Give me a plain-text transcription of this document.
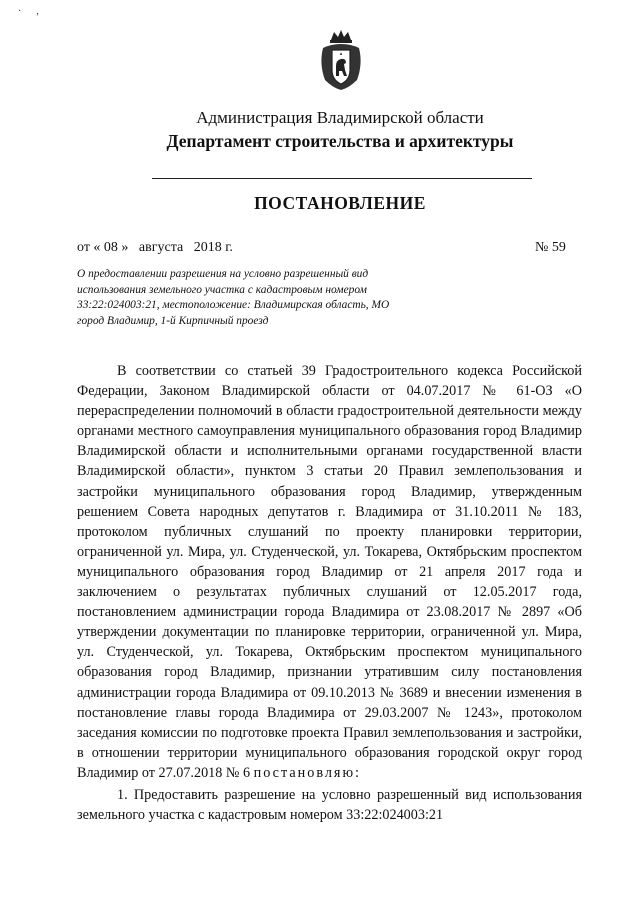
·      ,
Администрация Владимирской области
Департамент строительства и архитектуры
ПОСТАНОВЛЕНИЕ
от « 08 »   августа   2018 г.	№ 59
О предоставлении разрешения на условно разрешенный вид использования земельного участка с кадастровым номером 33:22:024003:21, местоположение: Владимирская область, МО город Владимир, 1-й Кирпичный проезд

В соответствии со статьей 39 Градостроительного кодекса Российской Федерации, Законом Владимирской области от 04.07.2017 № 61-ОЗ «О перераспределении полномочий в области градостроительной деятельности между органами местного самоуправления муниципального образования город Владимир Владимирской области и исполнительными органами государственной власти Владимирской области», пунктом 3 статьи 20 Правил землепользования и застройки муниципального образования город Владимир, утвержденным решением Совета народных депутатов г. Владимира от 31.10.2011 № 183, протоколом публичных слушаний по проекту планировки территории, ограниченной ул. Мира, ул. Студенческой, ул. Токарева, Октябрьским проспектом муниципального образования город Владимир от 21 апреля 2017 года и заключением о результатах публичных слушаний от 12.05.2017 года, постановлением администрации города Владимира от 23.08.2017 № 2897 «Об утверждении документации по планировке территории, ограниченной ул. Мира, ул. Студенческой, ул. Токарева, Октябрьским проспектом муниципального образования город Владимир, признании утратившим силу постановления администрации города Владимира от 09.10.2013 № 3689 и внесении изменения в постановление главы города Владимира от 29.03.2007 № 1243», протоколом заседания комиссии по подготовке проекта Правил землепользования и застройки, в отношении территории муниципального образования городской округ город Владимир от 27.07.2018 № 6 постановляю:

1. Предоставить разрешение на условно разрешенный вид использования земельного участка с кадастровым номером 33:22:024003:21
